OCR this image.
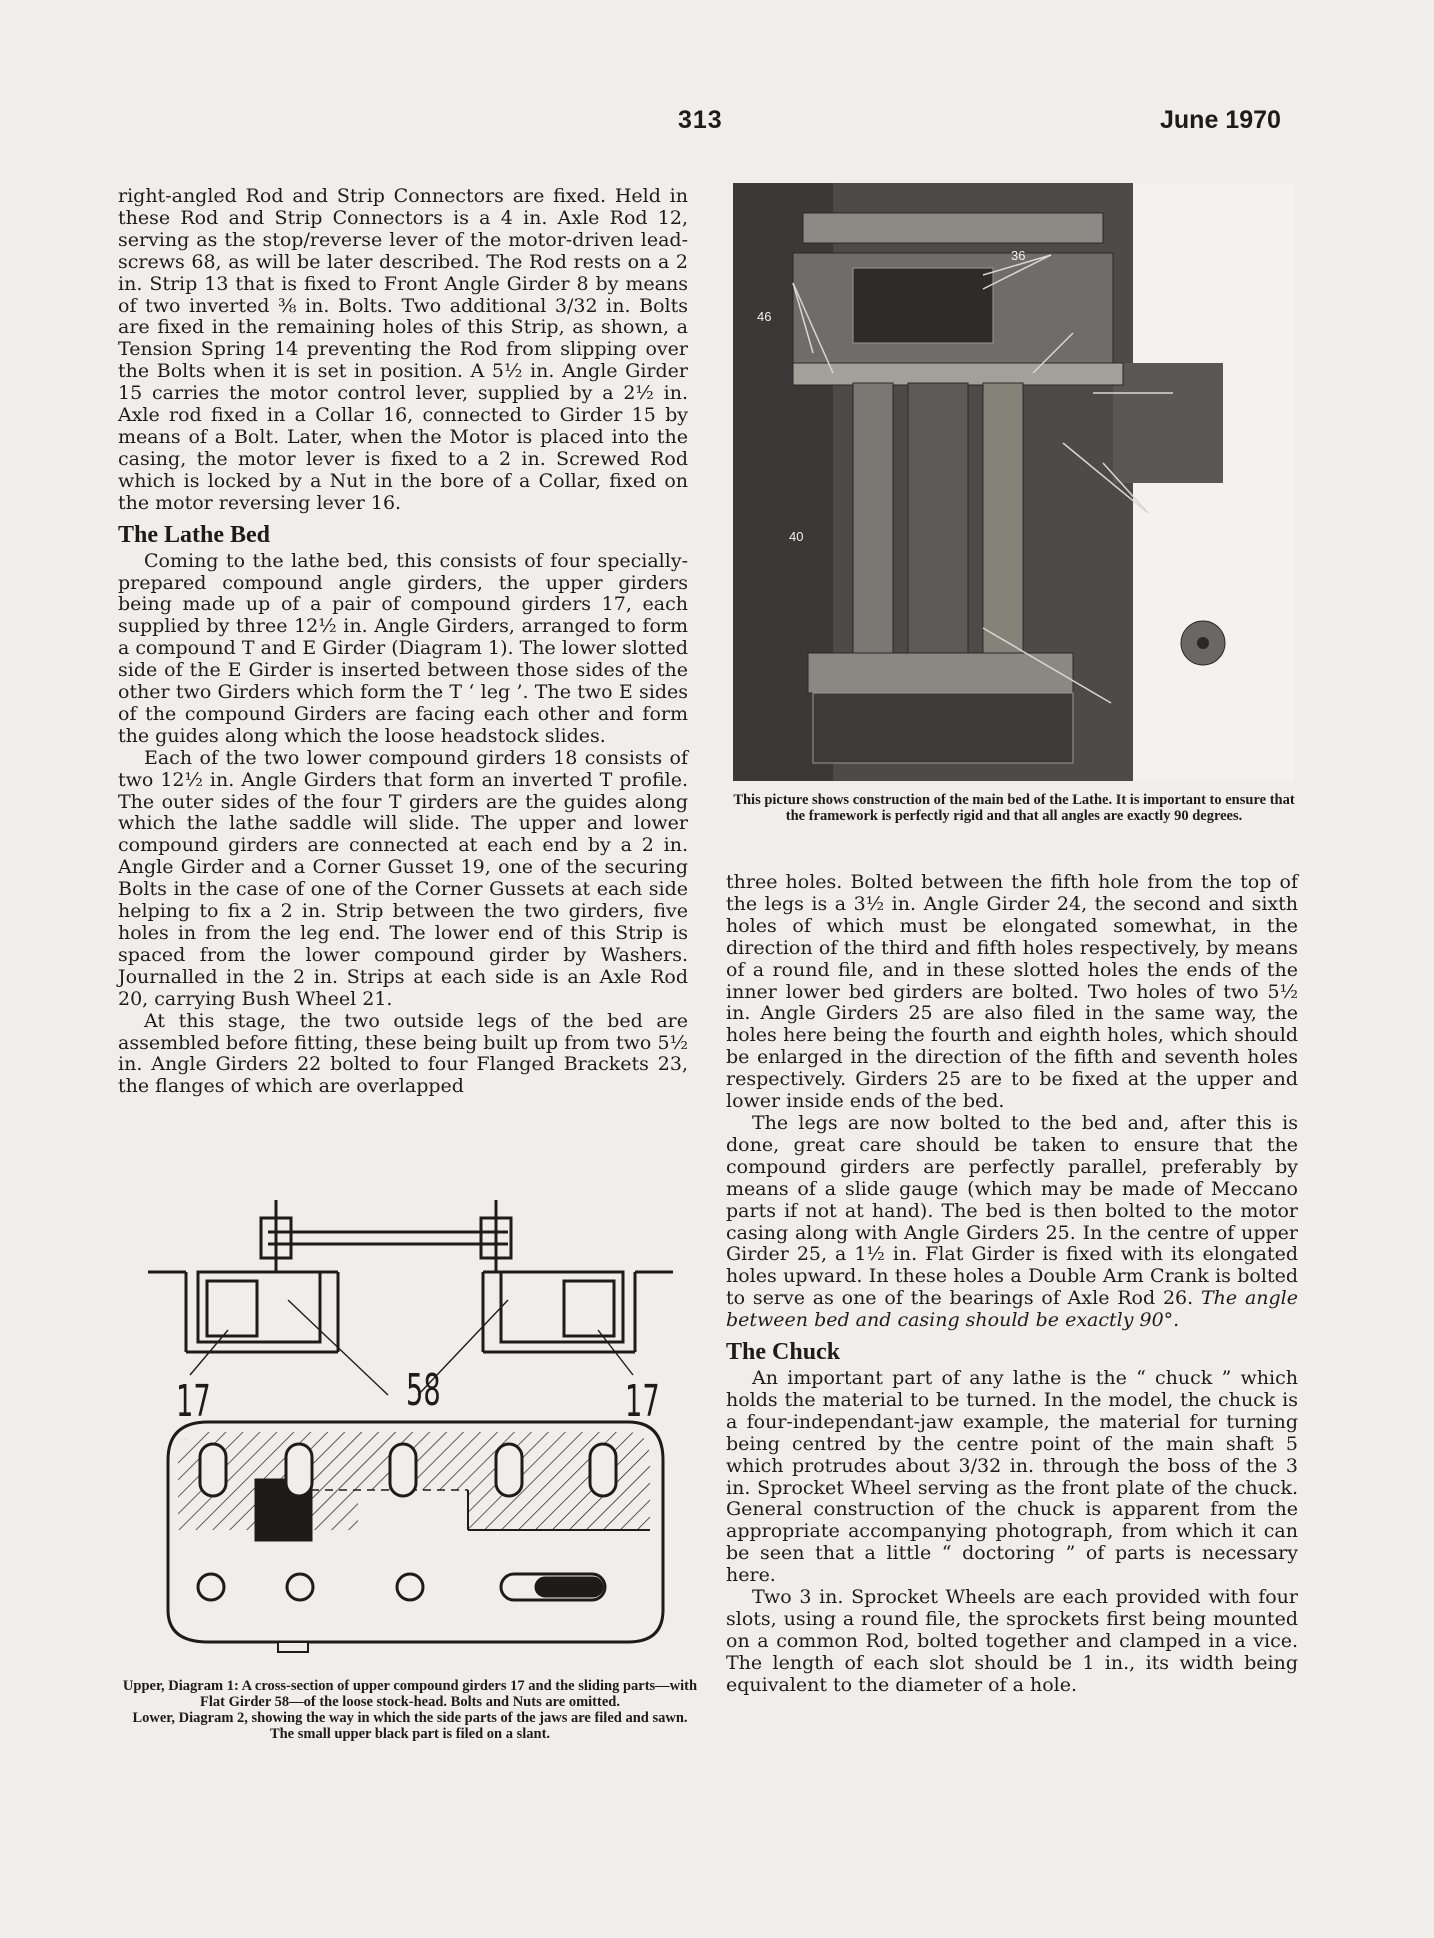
313	June 1970

right-angled Rod and Strip Connectors are fixed. Held in these Rod and Strip Connectors is a 4 in. Axle Rod 12, serving as the stop/reverse lever of the motor-driven lead-screws 68, as will be later described. The Rod rests on a 2 in. Strip 13 that is fixed to Front Angle Girder 8 by means of two inverted ⅜ in. Bolts. Two additional 3/32 in. Bolts are fixed in the remaining holes of this Strip, as shown, a Tension Spring 14 preventing the Rod from slipping over the Bolts when it is set in position. A 5½ in. Angle Girder 15 carries the motor control lever, supplied by a 2½ in. Axle rod fixed in a Collar 16, connected to Girder 15 by means of a Bolt. Later, when the Motor is placed into the casing, the motor lever is fixed to a 2 in. Screwed Rod which is locked by a Nut in the bore of a Collar, fixed on the motor reversing lever 16.

The Lathe Bed

Coming to the lathe bed, this consists of four specially-prepared compound angle girders, the upper girders being made up of a pair of compound girders 17, each supplied by three 12½ in. Angle Girders, arranged to form a compound T and E Girder (Diagram 1). The lower slotted side of the E Girder is inserted between those sides of the other two Girders which form the T ‘ leg ’. The two E sides of the compound Girders are facing each other and form the guides along which the loose headstock slides.

Each of the two lower compound girders 18 consists of two 12½ in. Angle Girders that form an inverted T profile. The outer sides of the four T girders are the guides along which the lathe saddle will slide. The upper and lower compound girders are connected at each end by a 2 in. Angle Girder and a Corner Gusset 19, one of the securing Bolts in the case of one of the Corner Gussets at each side helping to fix a 2 in. Strip between the two girders, five holes in from the leg end. The lower end of this Strip is spaced from the lower compound girder by Washers. Journalled in the 2 in. Strips at each side is an Axle Rod 20, carrying Bush Wheel 21.

At this stage, the two outside legs of the bed are assembled before fitting, these being built up from two 5½ in. Angle Girders 22 bolted to four Flanged Brackets 23, the flanges of which are overlapped

36
46
44
41
40
40
45
20
This picture shows construction of the main bed of the Lathe. It is important to ensure that the framework is perfectly rigid and that all angles are exactly 90 degrees.

three holes. Bolted between the fifth hole from the top of the legs is a 3½ in. Angle Girder 24, the second and sixth holes of which must be elongated somewhat, in the direction of the third and fifth holes respectively, by means of a round file, and in these slotted holes the ends of the inner lower bed girders are bolted. Two holes of two 5½ in. Angle Girders 25 are also filed in the same way, the holes here being the fourth and eighth holes, which should be enlarged in the direction of the fifth and seventh holes respectively. Girders 25 are to be fixed at the upper and lower inside ends of the bed.

The legs are now bolted to the bed and, after this is done, great care should be taken to ensure that the compound girders are perfectly parallel, preferably by means of a slide gauge (which may be made of Meccano parts if not at hand). The bed is then bolted to the motor casing along with Angle Girders 25. In the centre of upper Girder 25, a 1½ in. Flat Girder is fixed with its elongated holes upward. In these holes a Double Arm Crank is bolted to serve as one of the bearings of Axle Rod 26. The angle between bed and casing should be exactly 90°.

The Chuck

An important part of any lathe is the “ chuck ” which holds the material to be turned. In the model, the chuck is a four-independant-jaw example, the material for turning being centred by the centre point of the main shaft 5 which protrudes about 3/32 in. through the boss of the 3 in. Sprocket Wheel serving as the front plate of the chuck. General construction of the chuck is apparent from the appropriate accompanying photograph, from which it can be seen that a little “ doctoring ” of parts is necessary here.

Two 3 in. Sprocket Wheels are each provided with four slots, using a round file, the sprockets first being mounted on a common Rod, bolted together and clamped in a vice. The length of each slot should be 1 in., its width being equivalent to the diameter of a hole.

58
17	17
Upper, Diagram 1: A cross-section of upper compound girders 17 and the sliding parts—with Flat Girder 58—of the loose stock-head. Bolts and Nuts are omitted.
Lower, Diagram 2, showing the way in which the side parts of the jaws are filed and sawn. The small upper black part is filed on a slant.
